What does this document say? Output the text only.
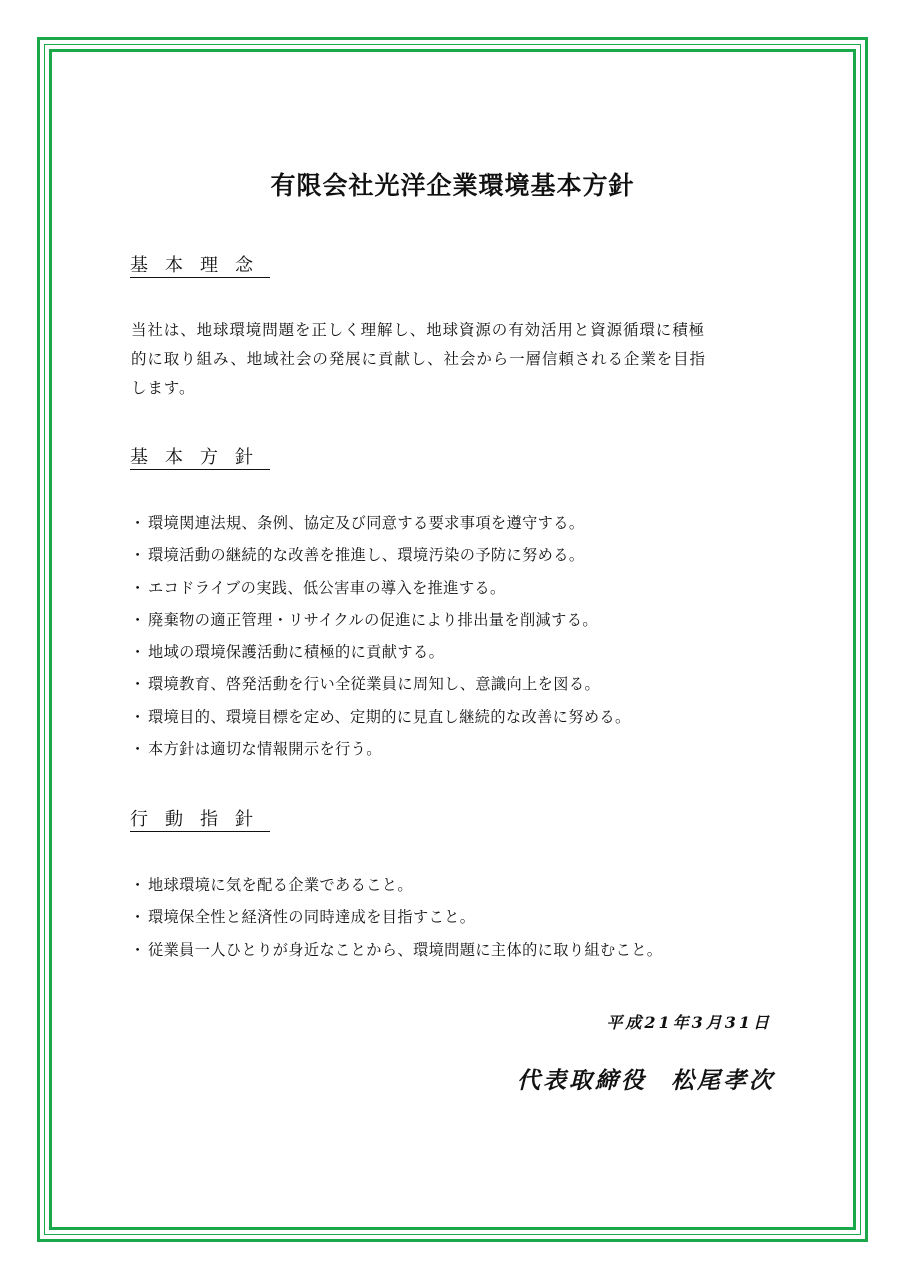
有限会社光洋企業環境基本方針
基本理念

当社は、地球環境問題を正しく理解し、地球資源の有効活用と資源循環に積極
的に取り組み、地域社会の発展に貢献し、社会から一層信頼される企業を目指
します。

基本方針
・ 環境関連法規、条例、協定及び同意する要求事項を遵守する。
・ 環境活動の継続的な改善を推進し、環境汚染の予防に努める。
・ エコドライブの実践、低公害車の導入を推進する。
・ 廃棄物の適正管理・リサイクルの促進により排出量を削減する。
・ 地域の環境保護活動に積極的に貢献する。
・ 環境教育、啓発活動を行い全従業員に周知し、意識向上を図る。
・ 環境目的、環境目標を定め、定期的に見直し継続的な改善に努める。
・ 本方針は適切な情報開示を行う。
行動指針
・ 地球環境に気を配る企業であること。
・ 環境保全性と経済性の同時達成を目指すこと。
・ 従業員一人ひとりが身近なことから、環境問題に主体的に取り組むこと。

平成21年3月31日

代表取締役 松尾孝次
